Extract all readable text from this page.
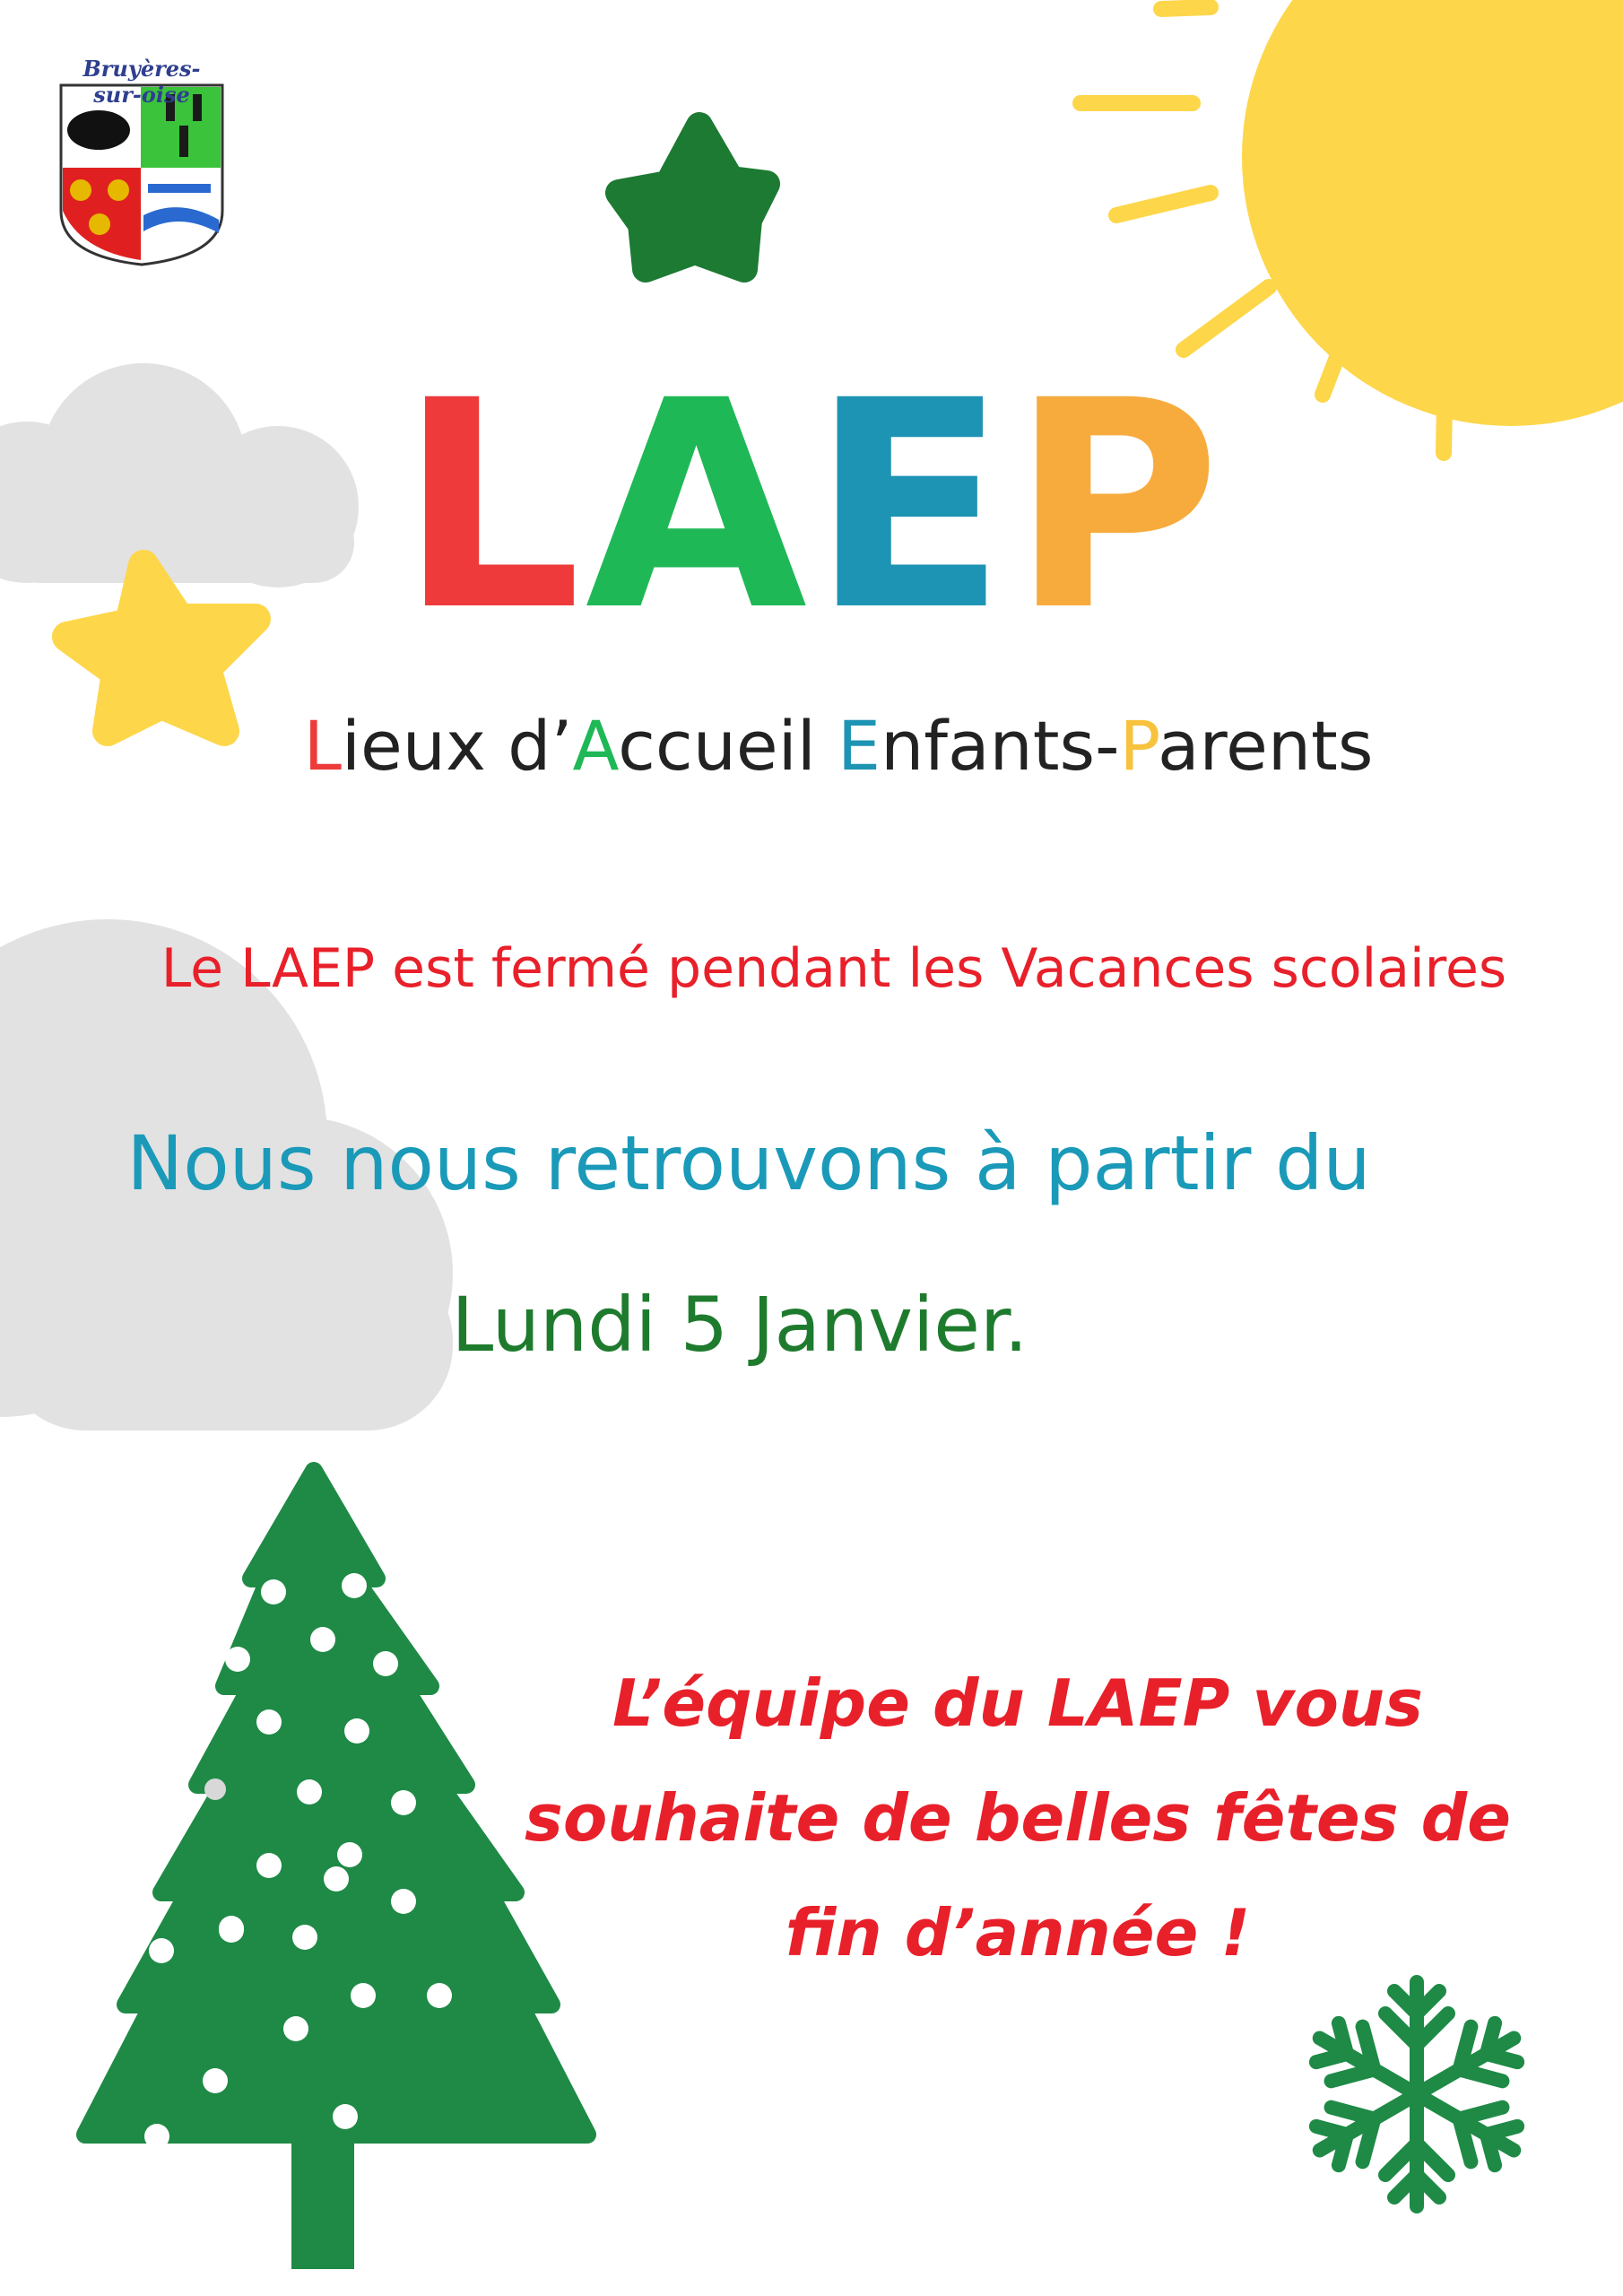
Bruyères-sur-oise
LAEP
Lieux d’Accueil Enfants-Parents
Le LAEP est fermé pendant les Vacances scolaires
Nous nous retrouvons à partir du
Lundi 5 Janvier.
L’équipe du LAEP vous
souhaite de belles fêtes de
fin d’année !
